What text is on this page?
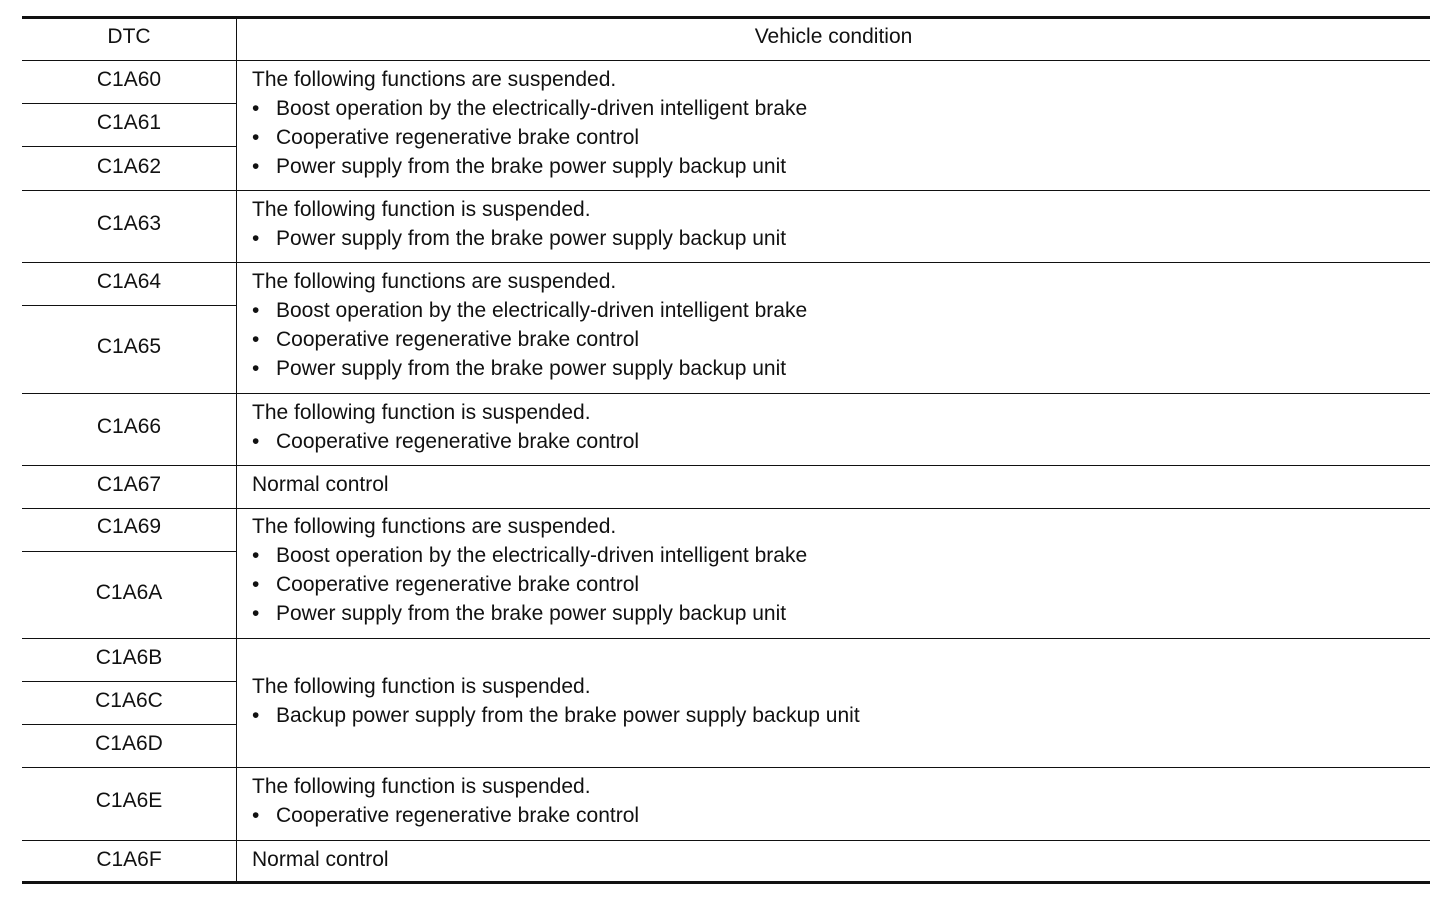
DTC	Vehicle condition
C1A60
C1A61
C1A62
C1A63
C1A64
C1A65
C1A66
C1A67
C1A69
C1A6A
C1A6B
C1A6C
C1A6D
C1A6E
C1A6F
The following functions are suspended.
• Boost operation by the electrically-driven intelligent brake
• Cooperative regenerative brake control
• Power supply from the brake power supply backup unit
The following function is suspended.
• Power supply from the brake power supply backup unit
The following functions are suspended.
• Boost operation by the electrically-driven intelligent brake
• Cooperative regenerative brake control
• Power supply from the brake power supply backup unit
The following function is suspended.
• Cooperative regenerative brake control
Normal control
The following functions are suspended.
• Boost operation by the electrically-driven intelligent brake
• Cooperative regenerative brake control
• Power supply from the brake power supply backup unit
The following function is suspended.
• Backup power supply from the brake power supply backup unit
The following function is suspended.
• Cooperative regenerative brake control
Normal control
